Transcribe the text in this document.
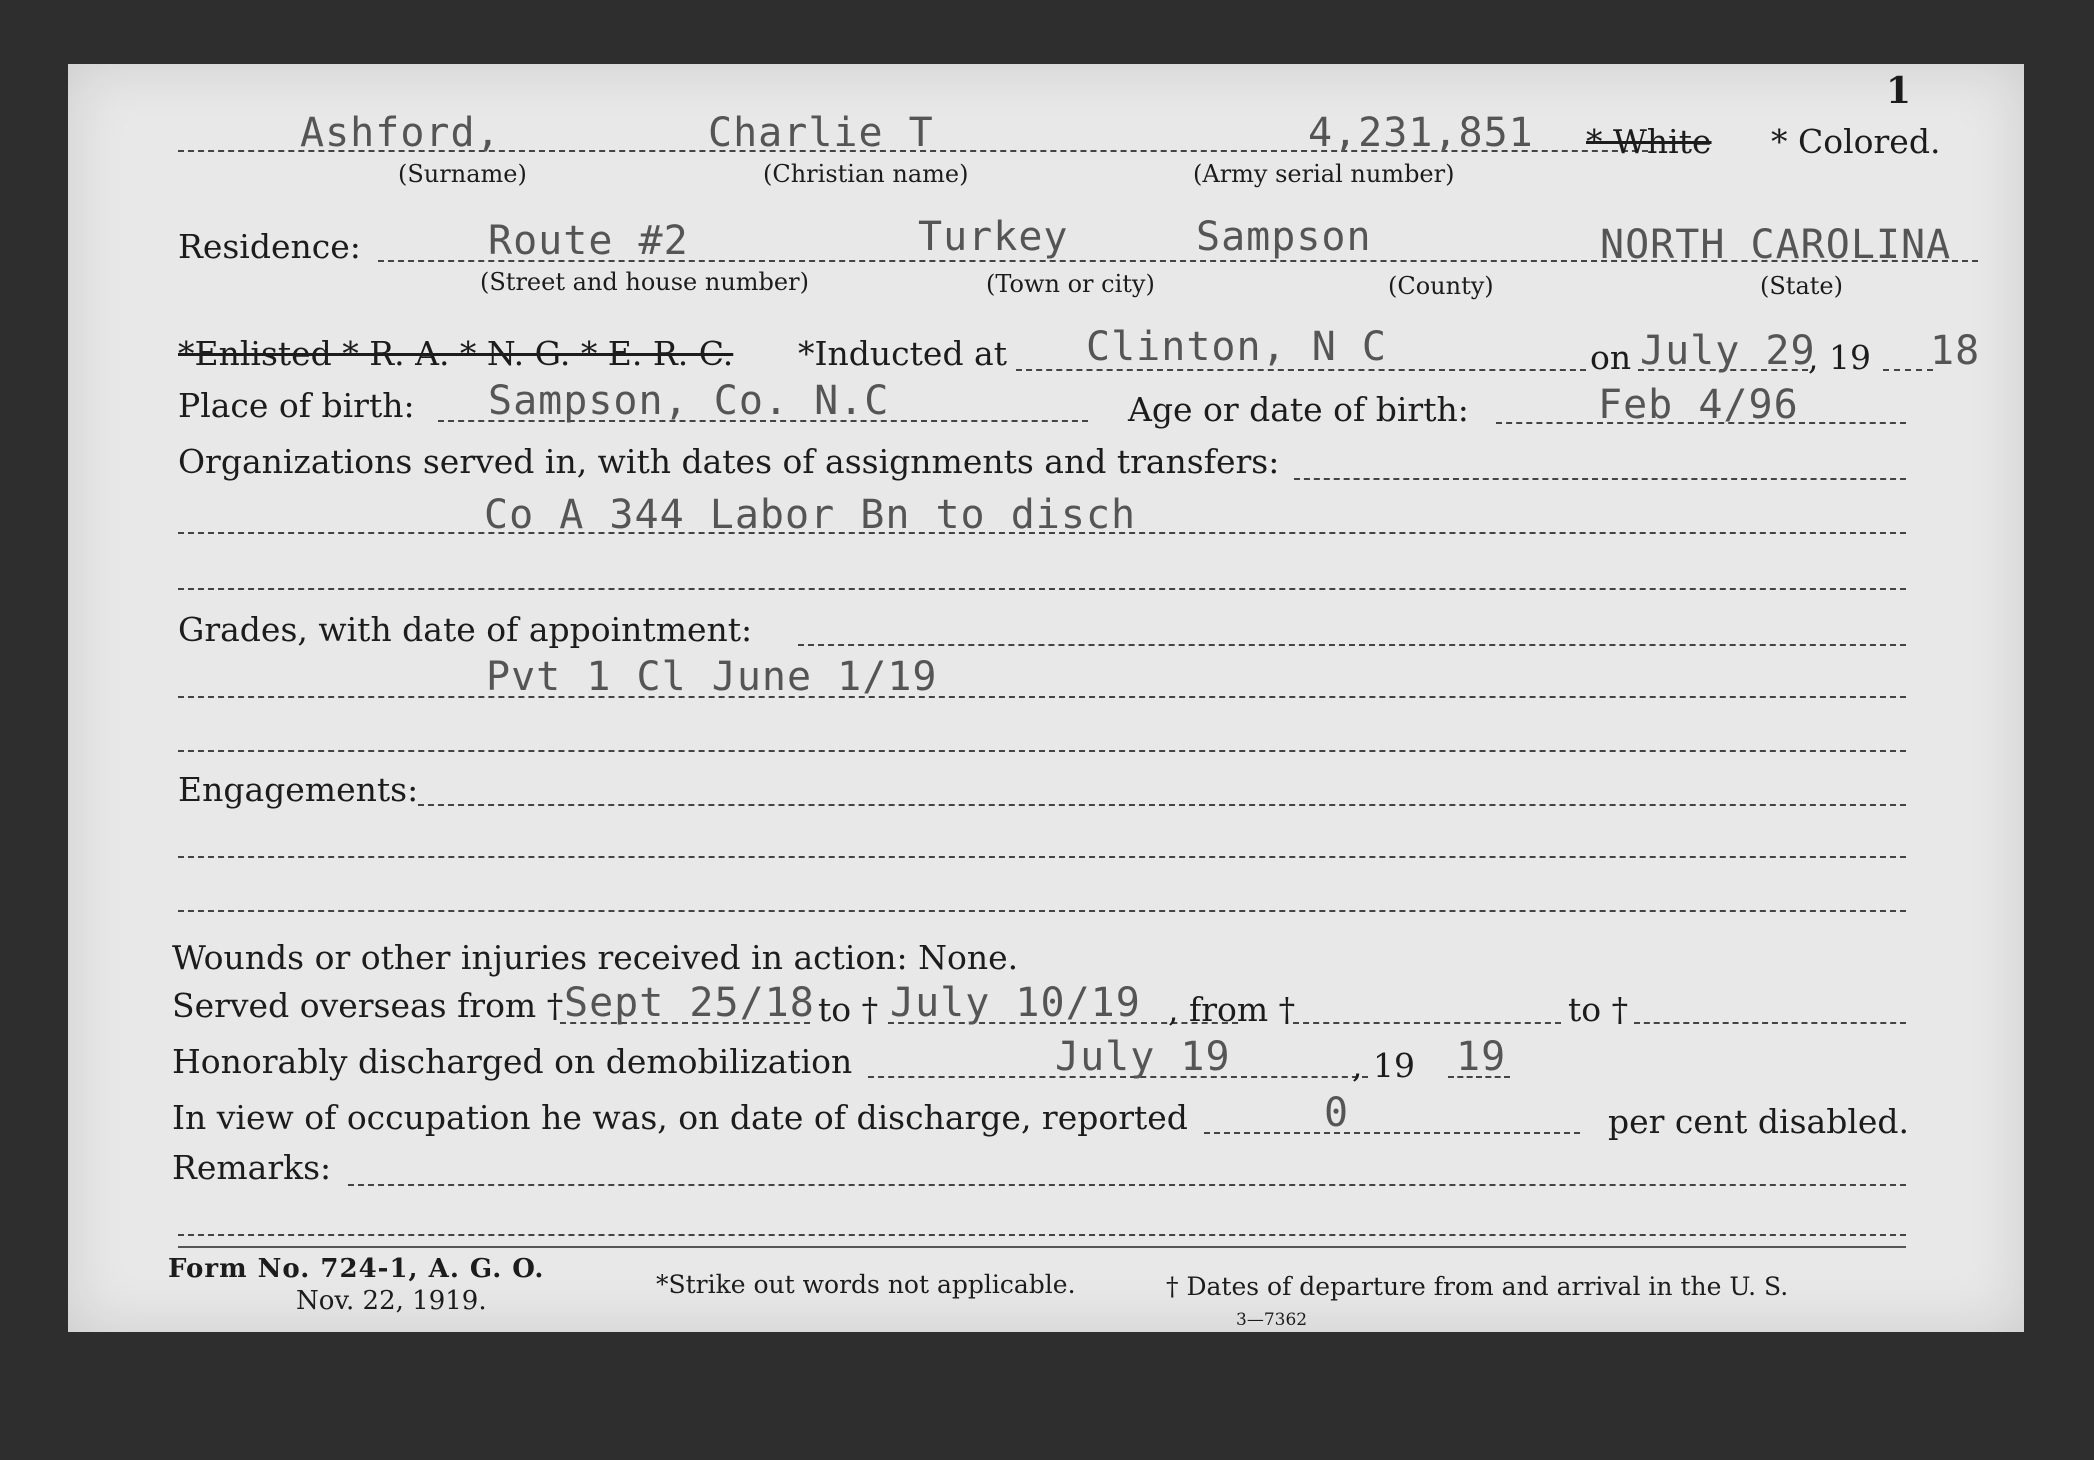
1
Ashford,	Charlie T	4,231,851 * White * Colored.
(Surname)	(Christian name)	(Army serial number)
Residence:	Route #2	Turkey	Sampson	NORTH CAROLINA
(Street and house number)	(Town or city)	(County)	(State)
*Enlisted * R. A. * N. G. * E. R. C. *Inducted at Clinton, N C	on July 29
, 19 18
Place of birth: Sampson, Co. N.C	Age or date of birth:	Feb 4/96
Organizations served in, with dates of assignments and transfers:
Co A 344 Labor Bn to disch
Grades, with date of appointment:
Pvt 1 Cl June 1/19
Engagements:
Wounds or other injuries received in action: None.
Served overseas from † Sept 25/18 to † July 10/19 , from †	to †
Honorably discharged on demobilization	July 19	, 19 19
In view of occupation he was, on date of discharge, reported	0	per cent disabled.
Remarks:
Form No. 724-1, A. G. O.
Nov. 22, 1919.
*Strike out words not applicable.	† Dates of departure from and arrival in the U. S.
3—7362
